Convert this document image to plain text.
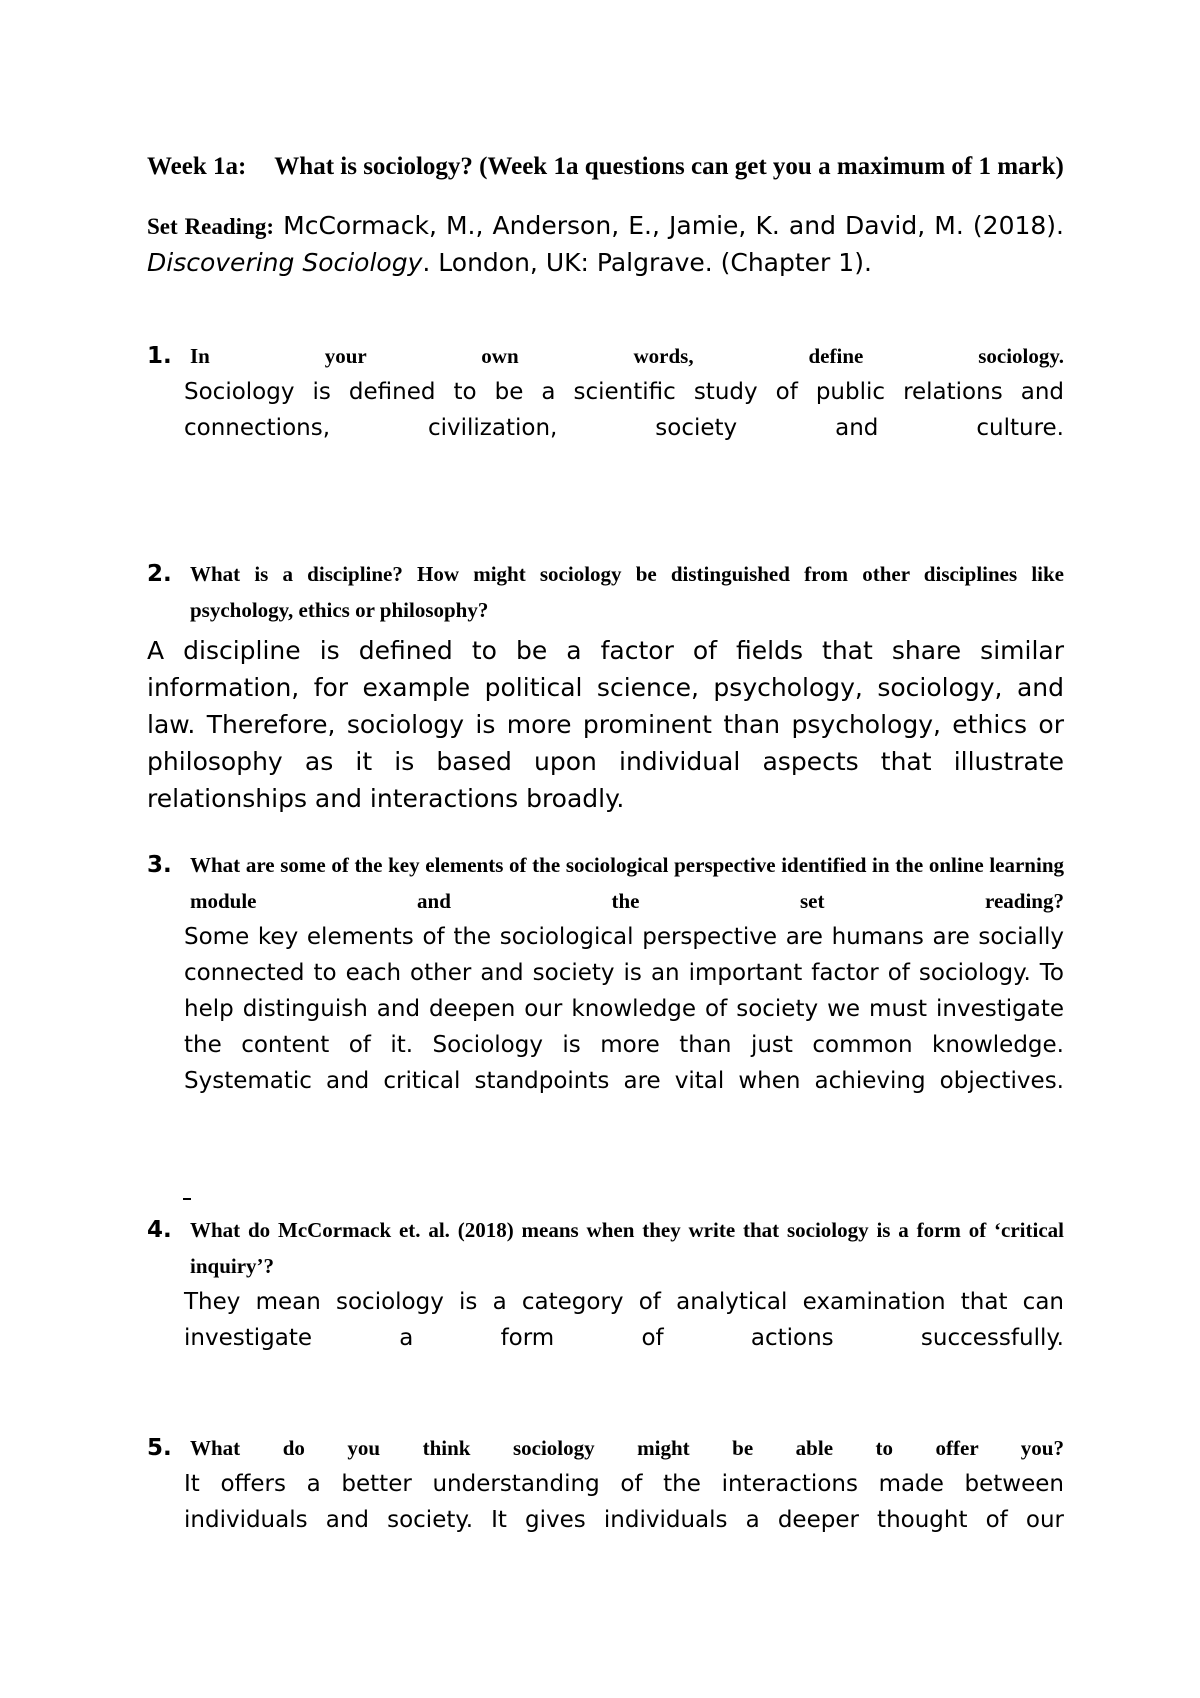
Week 1a: What is sociology? (Week 1a questions can get you a maximum of 1 mark)

Set Reading: McCormack, M., Anderson, E., Jamie, K. and David, M. (2018). Discovering Sociology. London, UK: Palgrave. (Chapter 1).
1. In your own words, define sociology.
Sociology is defined to be a scientific study of public relations and connections, civilization, society and culture.
2. What is a discipline? How might sociology be distinguished from other disciplines like psychology, ethics or philosophy?
A discipline is defined to be a factor of fields that share similar information, for example political science, psychology, sociology, and law. Therefore, sociology is more prominent than psychology, ethics or philosophy as it is based upon individual aspects that illustrate relationships and interactions broadly.
3. What are some of the key elements of the sociological perspective identified in the online learning module and the set reading?
Some key elements of the sociological perspective are humans are socially connected to each other and society is an important factor of sociology. To help distinguish and deepen our knowledge of society we must investigate the content of it. Sociology is more than just common knowledge. Systematic and critical standpoints are vital when achieving objectives.
4. What do McCormack et. al. (2018) means when they write that sociology is a form of ‘critical inquiry’?
They mean sociology is a category of analytical examination that can investigate a form of actions successfully.
5. What do you think sociology might be able to offer you?
It offers a better understanding of the interactions made between individuals and society. It gives individuals a deeper thought of our
